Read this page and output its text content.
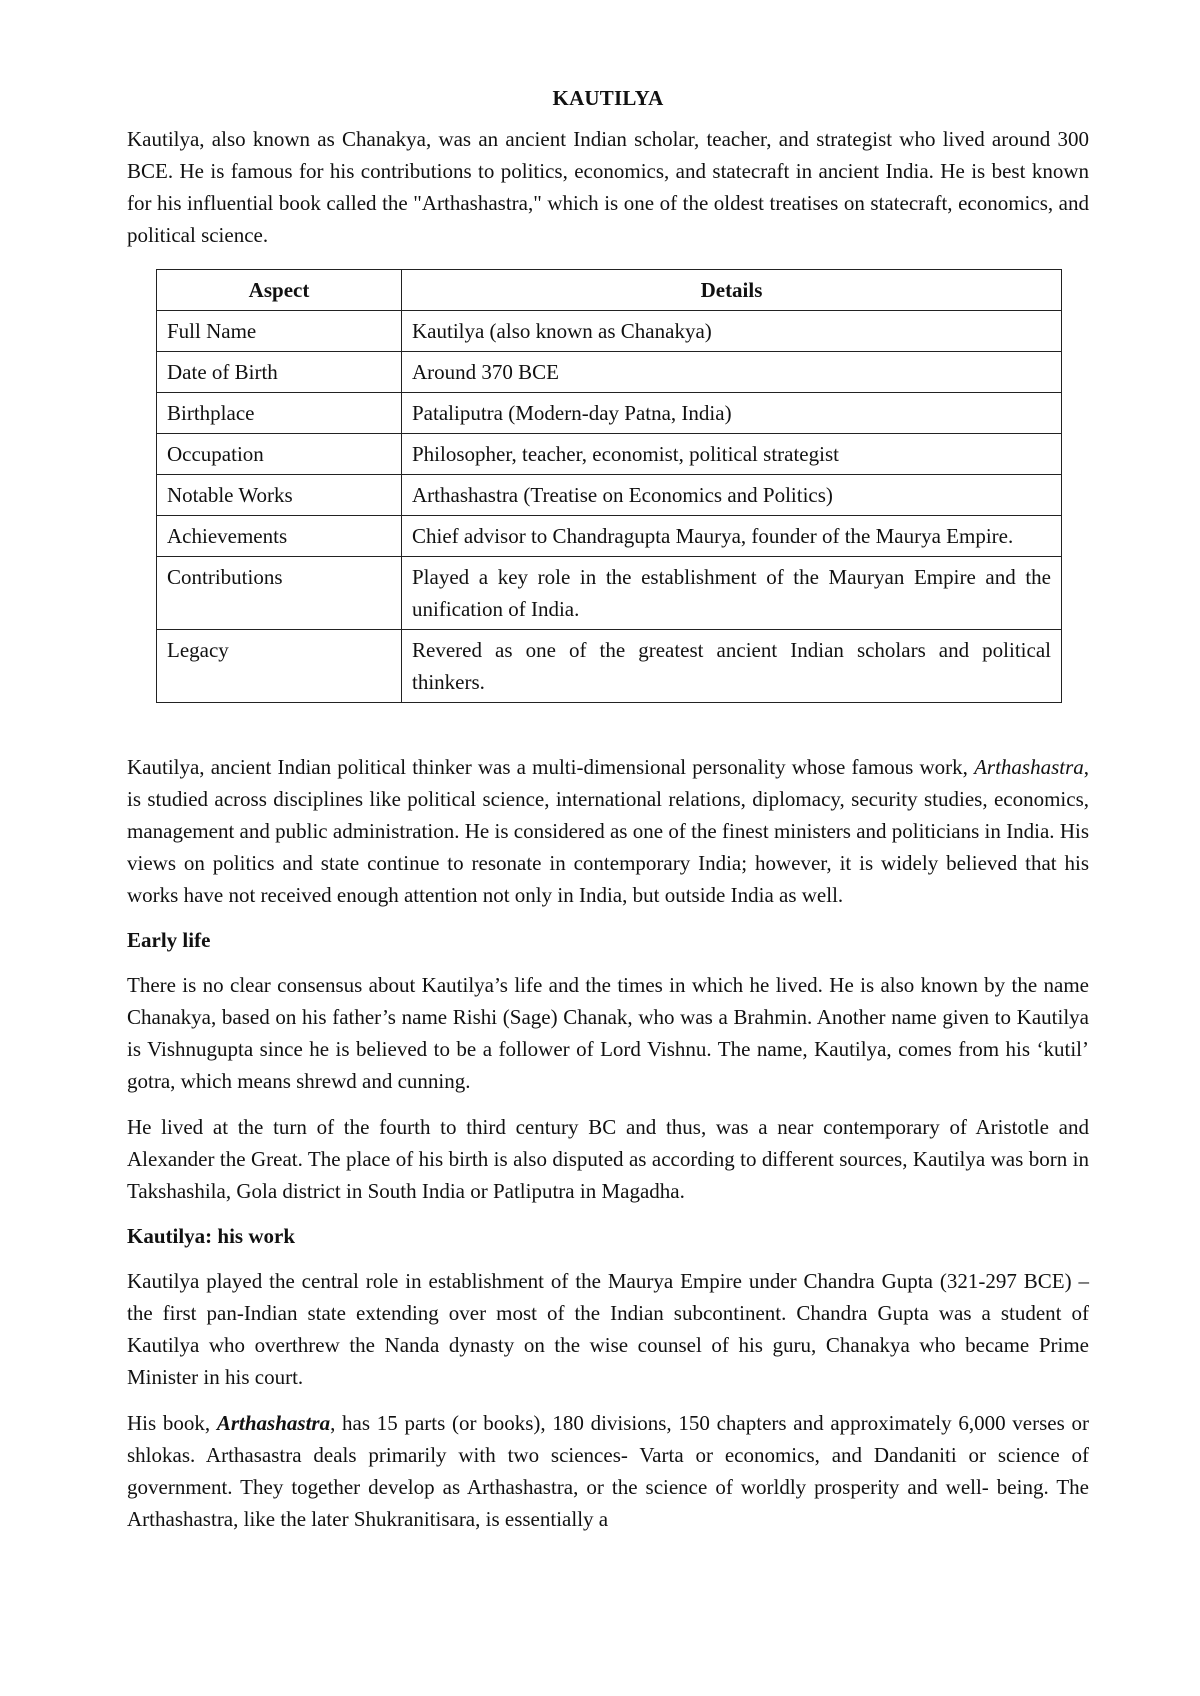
KAUTILYA

Kautilya, also known as Chanakya, was an ancient Indian scholar, teacher, and strategist who lived around 300 BCE. He is famous for his contributions to politics, economics, and statecraft in ancient India. He is best known for his influential book called the "Arthashastra," which is one of the oldest treatises on statecraft, economics, and political science.

Aspect	Details
Full Name	Kautilya (also known as Chanakya)
Date of Birth	Around 370 BCE
Birthplace	Pataliputra (Modern-day Patna, India)
Occupation	Philosopher, teacher, economist, political strategist
Notable Works	Arthashastra (Treatise on Economics and Politics)
Achievements	Chief advisor to Chandragupta Maurya, founder of the Maurya Empire.
Contributions	Played a key role in the establishment of the Mauryan Empire and the unification of India.
Legacy	Revered as one of the greatest ancient Indian scholars and political thinkers.

Kautilya, ancient Indian political thinker was a multi-dimensional personality whose famous work, Arthashastra, is studied across disciplines like political science, international relations, diplomacy, security studies, economics, management and public administration. He is considered as one of the finest ministers and politicians in India. His views on politics and state continue to resonate in contemporary India; however, it is widely believed that his works have not received enough attention not only in India, but outside India as well.

Early life

There is no clear consensus about Kautilya’s life and the times in which he lived. He is also known by the name Chanakya, based on his father’s name Rishi (Sage) Chanak, who was a Brahmin. Another name given to Kautilya is Vishnugupta since he is believed to be a follower of Lord Vishnu. The name, Kautilya, comes from his ‘kutil’ gotra, which means shrewd and cunning.

He lived at the turn of the fourth to third century BC and thus, was a near contemporary of Aristotle and Alexander the Great. The place of his birth is also disputed as according to different sources, Kautilya was born in Takshashila, Gola district in South India or Patliputra in Magadha.

Kautilya: his work

Kautilya played the central role in establishment of the Maurya Empire under Chandra Gupta (321-297 BCE) – the first pan-Indian state extending over most of the Indian subcontinent. Chandra Gupta was a student of Kautilya who overthrew the Nanda dynasty on the wise counsel of his guru, Chanakya who became Prime Minister in his court.

His book, Arthashastra, has 15 parts (or books), 180 divisions, 150 chapters and approximately 6,000 verses or shlokas. Arthasastra deals primarily with two sciences- Varta or economics, and Dandaniti or science of government. They together develop as Arthashastra, or the science of worldly prosperity and well- being. The Arthashastra, like the later Shukranitisara, is essentially a
